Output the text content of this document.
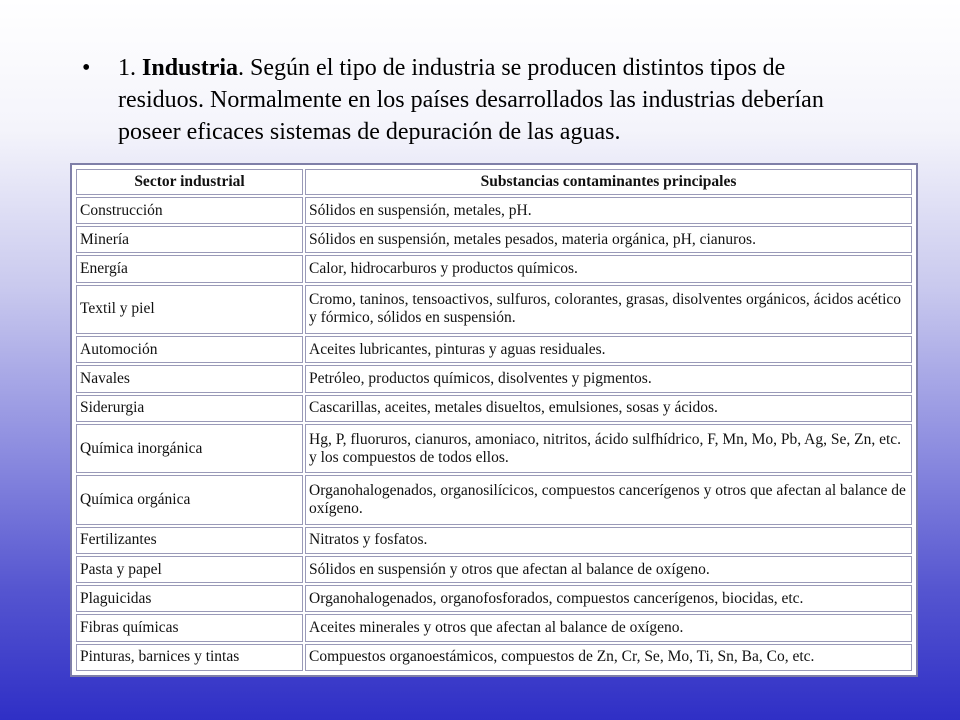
•	1. Industria. Según el tipo de industria se producen distintos tipos de residuos. Normalmente en los países desarrollados las industrias deberían poseer eficaces sistemas de depuración de las aguas.
Sector industrial	Substancias contaminantes principales
Construcción	Sólidos en suspensión, metales, pH.
Minería	Sólidos en suspensión, metales pesados, materia orgánica, pH, cianuros.
Energía	Calor, hidrocarburos y productos químicos.
Textil y piel	Cromo, taninos, tensoactivos, sulfuros, colorantes, grasas, disolventes orgánicos, ácidos acético y fórmico, sólidos en suspensión.
Automoción	Aceites lubricantes, pinturas y aguas residuales.
Navales	Petróleo, productos químicos, disolventes y pigmentos.
Siderurgia	Cascarillas, aceites, metales disueltos, emulsiones, sosas y ácidos.
Química inorgánica	Hg, P, fluoruros, cianuros, amoniaco, nitritos, ácido sulfhídrico, F, Mn, Mo, Pb, Ag, Se, Zn, etc. y los compuestos de todos ellos.
Química orgánica	Organohalogenados, organosilícicos, compuestos cancerígenos y otros que afectan al balance de oxígeno.
Fertilizantes	Nitratos y fosfatos.
Pasta y papel	Sólidos en suspensión y otros que afectan al balance de oxígeno.
Plaguicidas	Organohalogenados, organofosforados, compuestos cancerígenos, biocidas, etc.
Fibras químicas	Aceites minerales y otros que afectan al balance de oxígeno.
Pinturas, barnices y tintas	Compuestos organoestámicos, compuestos de Zn, Cr, Se, Mo, Ti, Sn, Ba, Co, etc.
